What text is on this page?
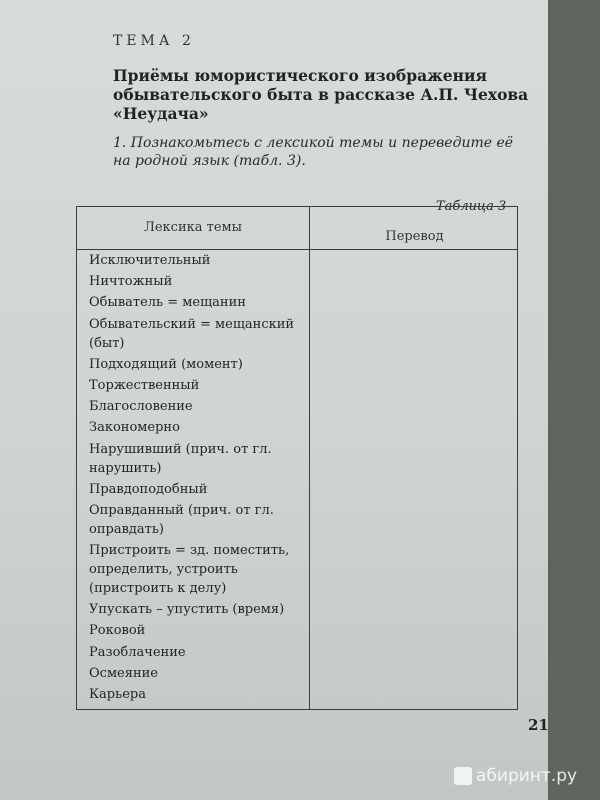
ТЕМА 2
Приёмы юмористического изображения обывательского быта в рассказе А.П. Чехова «Неудача»
1. Познакомьтесь с лексикой темы и переведите её на родной язык (табл. 3).
Таблица 3
Лексика темы
Перевод
Исключительный
Ничтожный
Обыватель = мещанин
Обывательский = мещанский (быт)
Подходящий (момент)
Торжественный
Благословение
Закономерно
Нарушивший (прич. от гл. нарушить)
Правдоподобный
Оправданный (прич. от гл. оправдать)
Пристроить = зд. поместить, определить, устроить (пристроить к делу)
Упускать – упустить (время)
Роковой
Разоблачение
Осмеяние
Карьера
21
абиринт.ру
